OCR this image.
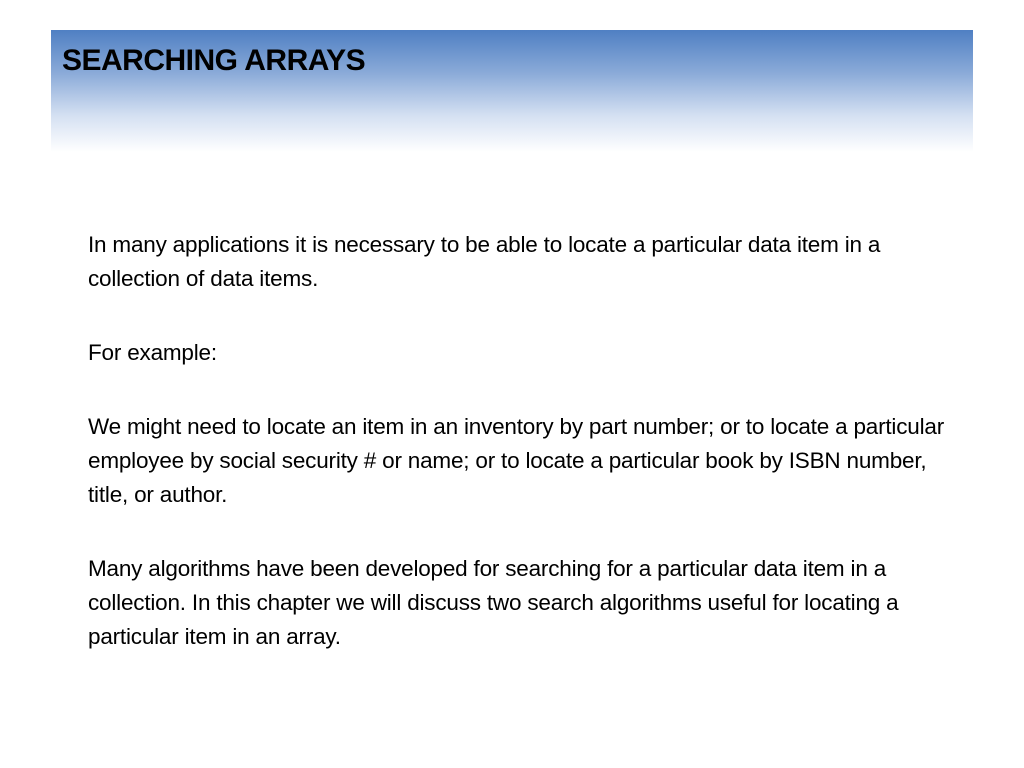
SEARCHING ARRAYS

In many applications it is necessary to be able to locate a particular data item in a collection of data items.

For example:

We might need to locate an item in an inventory by part number; or to locate a particular employee by social security # or name; or to locate a particular book by ISBN number, title, or author.

Many algorithms have been developed for searching for a particular data item in a collection. In this chapter we will discuss two search algorithms useful for locating a particular item in an array.
